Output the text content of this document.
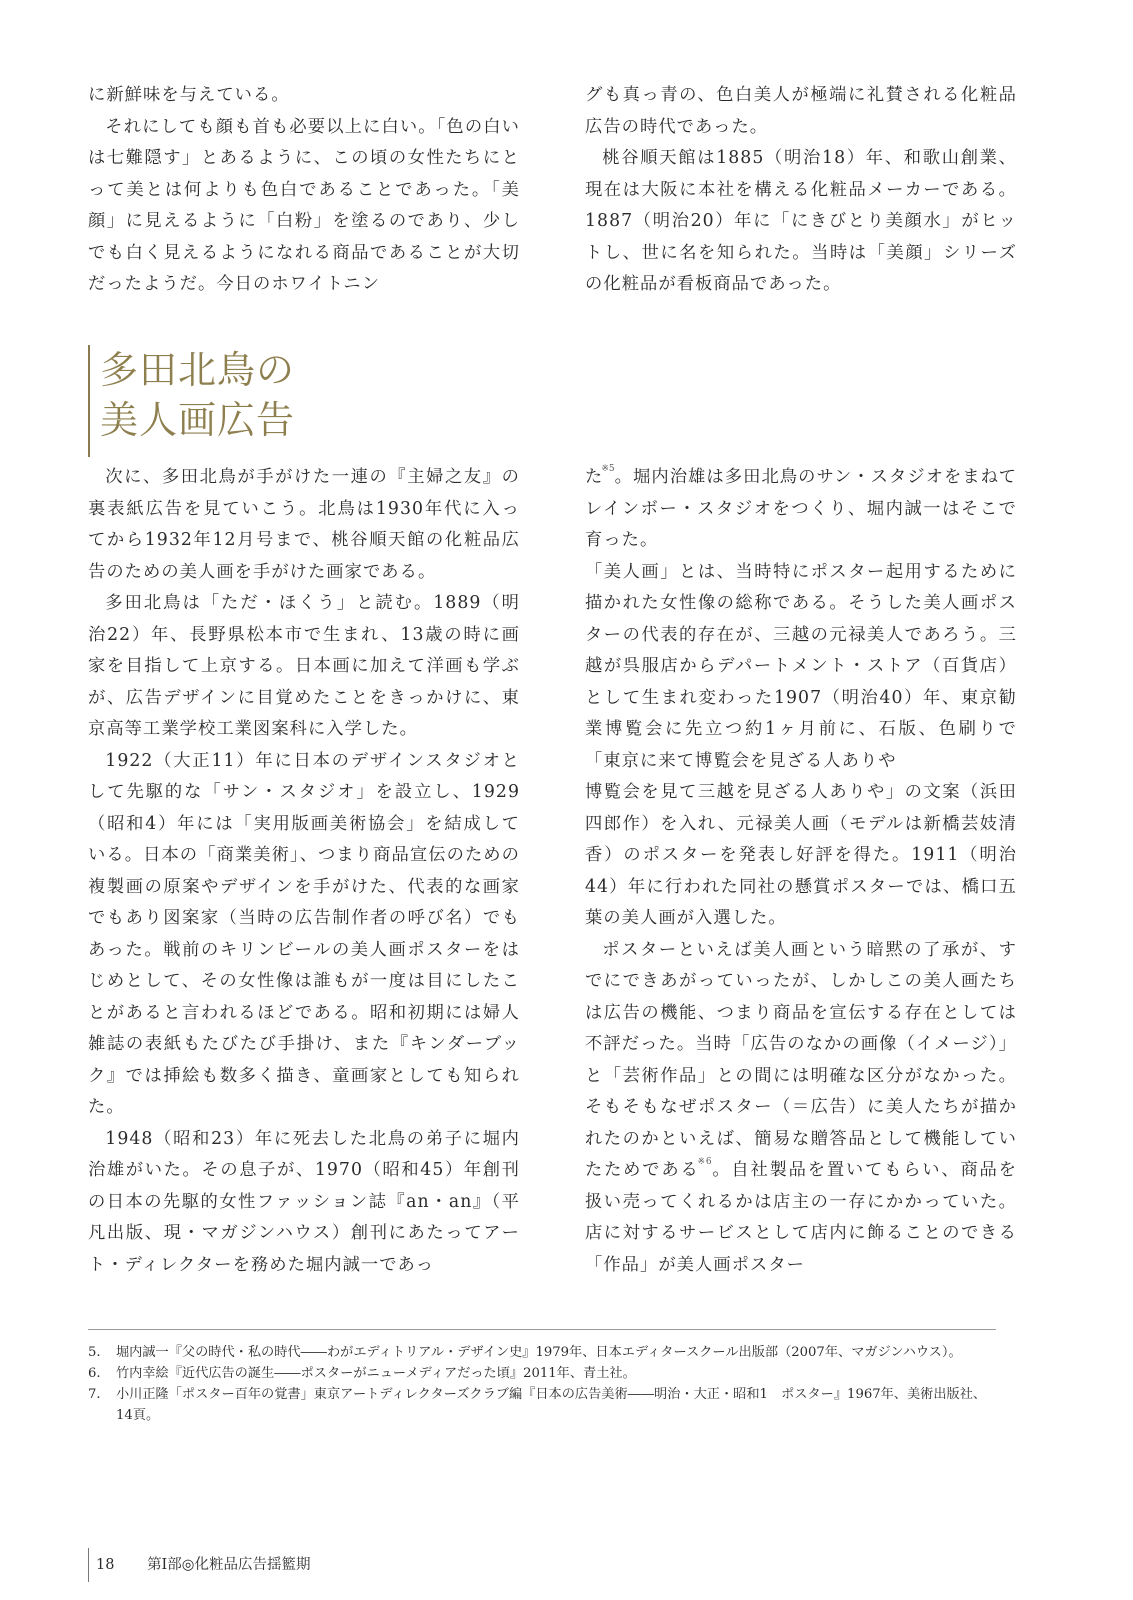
に新鮮味を与えている。

それにしても顔も首も必要以上に白い。「色の白いは七難隠す」とあるように、この頃の女性たちにとって美とは何よりも色白であることであった。「美顔」に見えるように「白粉」を塗るのであり、少しでも白く見えるようになれる商品であることが大切だったようだ。今日のホワイトニン

グも真っ青の、色白美人が極端に礼賛される化粧品広告の時代であった。

桃谷順天館は1885（明治18）年、和歌山創業、現在は大阪に本社を構える化粧品メーカーである。1887（明治20）年に「にきびとり美顔水」がヒットし、世に名を知られた。当時は「美顔」シリーズの化粧品が看板商品であった。

多田北鳥の
美人画広告

次に、多田北鳥が手がけた一連の『主婦之友』の裏表紙広告を見ていこう。北鳥は1930年代に入ってから1932年12月号まで、桃谷順天館の化粧品広告のための美人画を手がけた画家である。

多田北鳥は「ただ・ほくう」と読む。1889（明治22）年、長野県松本市で生まれ、13歳の時に画家を目指して上京する。日本画に加えて洋画も学ぶが、広告デザインに目覚めたことをきっかけに、東京高等工業学校工業図案科に入学した。

1922（大正11）年に日本のデザインスタジオとして先駆的な「サン・スタジオ」を設立し、1929（昭和4）年には「実用版画美術協会」を結成している。日本の「商業美術」、つまり商品宣伝のための複製画の原案やデザインを手がけた、代表的な画家でもあり図案家（当時の広告制作者の呼び名）でもあった。戦前のキリンビールの美人画ポスターをはじめとして、その女性像は誰もが一度は目にしたことがあると言われるほどである。昭和初期には婦人雑誌の表紙もたびたび手掛け、また『キンダーブック』では挿絵も数多く描き、童画家としても知られた。

1948（昭和23）年に死去した北鳥の弟子に堀内治雄がいた。その息子が、1970（昭和45）年創刊の日本の先駆的女性ファッション誌『an・an』（平凡出版、現・マガジンハウス）創刊にあたってアート・ディレクターを務めた堀内誠一であっ

た$^{※5}$。堀内治雄は多田北鳥のサン・スタジオをまねてレインボー・スタジオをつくり、堀内誠一はそこで育った。

「美人画」とは、当時特にポスター起用するために描かれた女性像の総称である。そうした美人画ポスターの代表的存在が、三越の元禄美人であろう。三越が呉服店からデパートメント・ストア（百貨店）として生まれ変わった1907（明治40）年、東京勧業博覧会に先立つ約1ヶ月前に、石版、色刷りで「東京に来て博覧会を見ざる人ありや
博覧会を見て三越を見ざる人ありや」の文案（浜田四郎作）を入れ、元禄美人画（モデルは新橋芸妓清香）のポスターを発表し好評を得た。1911（明治44）年に行われた同社の懸賞ポスターでは、橋口五葉の美人画が入選した。

ポスターといえば美人画という暗黙の了承が、すでにできあがっていったが、しかしこの美人画たちは広告の機能、つまり商品を宣伝する存在としては不評だった。当時「広告のなかの画像（イメージ）」と「芸術作品」との間には明確な区分がなかった。そもそもなぜポスター（＝広告）に美人たちが描かれたのかといえば、簡易な贈答品として機能していたためである$^{※6}$。自社製品を置いてもらい、商品を扱い売ってくれるかは店主の一存にかかっていた。店に対するサービスとして店内に飾ることのできる「作品」が美人画ポスター

5.	堀内誠一『父の時代・私の時代――わがエディトリアル・デザイン史』1979年、日本エディタースクール出版部（2007年、マガジンハウス）。
6.	竹内幸絵『近代広告の誕生――ポスターがニューメディアだった頃』2011年、青土社。
7.	小川正隆「ポスター百年の覚書」東京アートディレクターズクラブ編『日本の広告美術――明治・大正・昭和1　ポスター』1967年、美術出版社、14頁。
18 第Ⅰ部◎化粧品広告揺籃期
